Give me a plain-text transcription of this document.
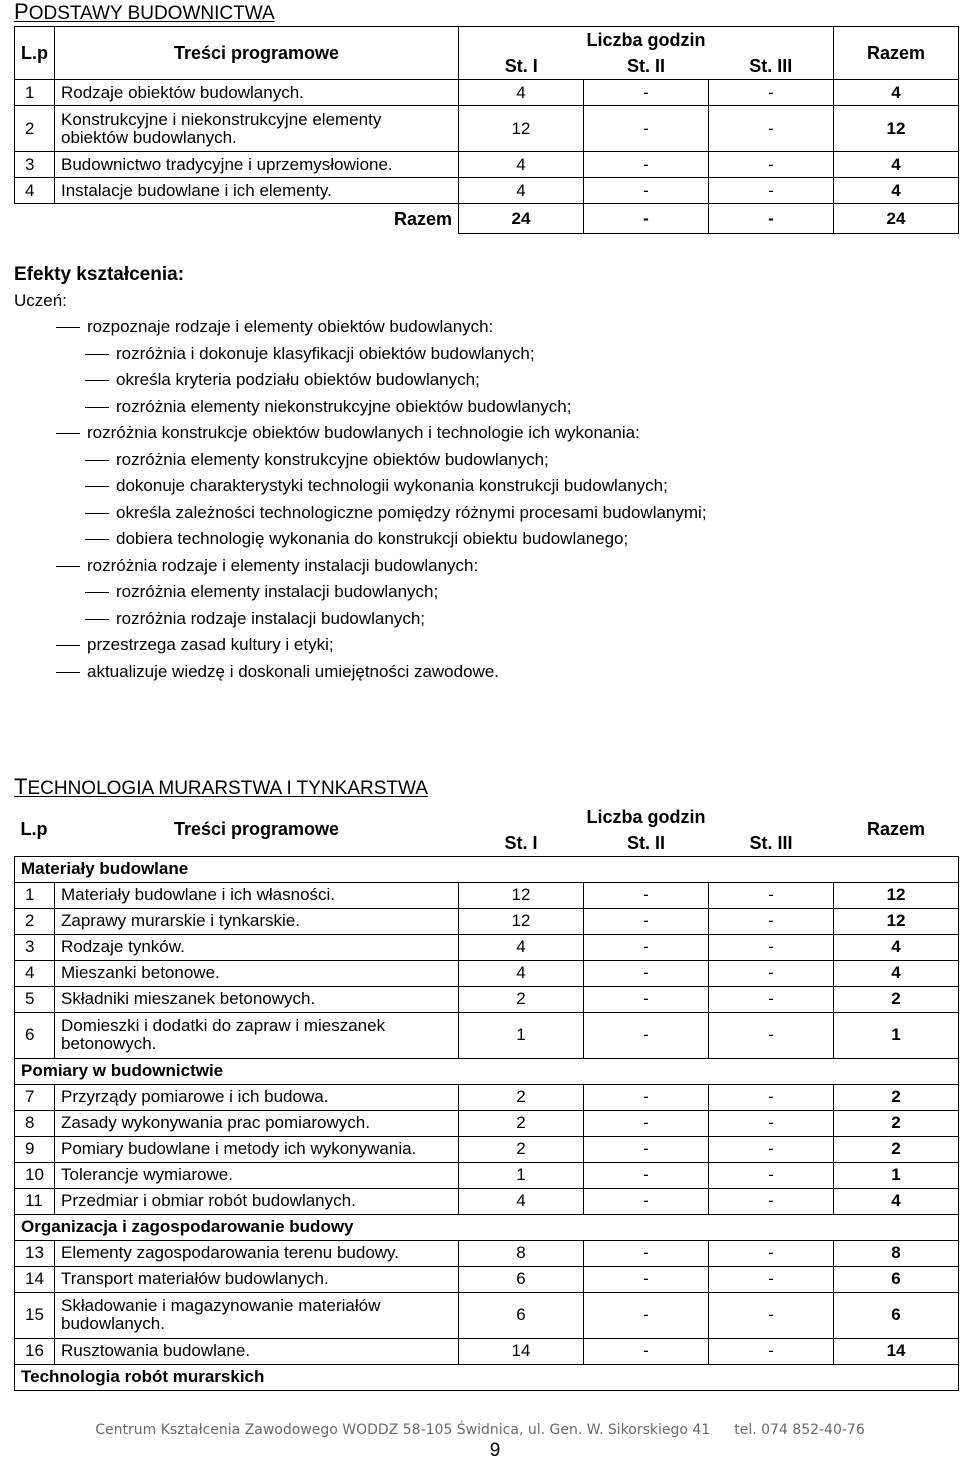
PODSTAWY BUDOWNICTWA
L.p	Treści programowe	Liczba godzin			Razem
		St. I	St. II	St. III	
1	Rodzaje obiektów budowlanych.	4	-	-	4
2	Konstrukcyjne i niekonstrukcyjne elementy obiektów budowlanych.	12	-	-	12
3	Budownictwo tradycyjne i uprzemysłowione.	4	-	-	4
4	Instalacje budowlane i ich elementy.	4	-	-	4
Razem		24	-	-	24
Efekty kształcenia:
Uczeń:
rozpoznaje rodzaje i elementy obiektów budowlanych:
rozróżnia i dokonuje klasyfikacji obiektów budowlanych;
określa kryteria podziału obiektów budowlanych;
rozróżnia elementy niekonstrukcyjne obiektów budowlanych;
rozróżnia konstrukcje obiektów budowlanych i technologie ich wykonania:
rozróżnia elementy konstrukcyjne obiektów budowlanych;
dokonuje charakterystyki technologii wykonania konstrukcji budowlanych;
określa zależności technologiczne pomiędzy różnymi procesami budowlanymi;
dobiera technologię wykonania do konstrukcji obiektu budowlanego;
rozróżnia rodzaje i elementy instalacji budowlanych:
rozróżnia elementy instalacji budowlanych;
rozróżnia rodzaje instalacji budowlanych;
przestrzega zasad kultury i etyki;
aktualizuje wiedzę i doskonali umiejętności zawodowe.
TECHNOLOGIA MURARSTWA I TYNKARSTWA
L.p	Treści programowe	Liczba godzin			Razem
		St. I	St. II	St. III	
Materiały budowlane					
1	Materiały budowlane i ich własności.	12	-	-	12
2	Zaprawy murarskie i tynkarskie.	12	-	-	12
3	Rodzaje tynków.	4	-	-	4
4	Mieszanki betonowe.	4	-	-	4
5	Składniki mieszanek betonowych.	2	-	-	2
6	Domieszki i dodatki do zapraw i mieszanek betonowych.	1	-	-	1
Pomiary w budownictwie					
7	Przyrządy pomiarowe i ich budowa.	2	-	-	2
8	Zasady wykonywania prac pomiarowych.	2	-	-	2
9	Pomiary budowlane i metody ich wykonywania.	2	-	-	2
10	Tolerancje wymiarowe.	1	-	-	1
11	Przedmiar i obmiar robót budowlanych.	4	-	-	4
Organizacja i zagospodarowanie budowy					
13	Elementy zagospodarowania terenu budowy.	8	-	-	8
14	Transport materiałów budowlanych.	6	-	-	6
15	Składowanie i magazynowanie materiałów budowlanych.	6	-	-	6
16	Rusztowania budowlane.	14	-	-	14
Technologia robót murarskich					
Centrum Kształcenia Zawodowego WODDZ 58-105 Świdnica, ul. Gen. W. Sikorskiego 41 tel. 074 852-40-76
9
